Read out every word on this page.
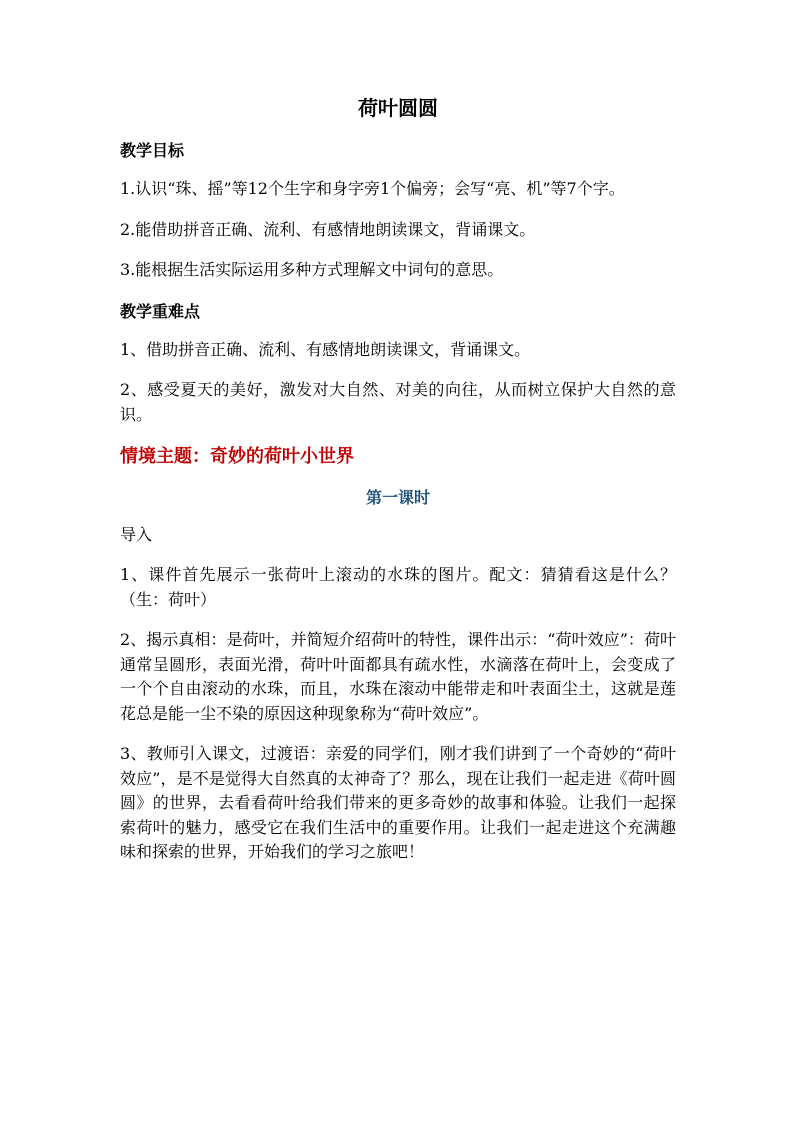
荷叶圆圆
教学目标
1.认识“珠、摇”等12个生字和身字旁1个偏旁；会写“亮、机”等7个字。
2.能借助拼音正确、流利、有感情地朗读课文，背诵课文。
3.能根据生活实际运用多种方式理解文中词句的意思。
教学重难点
1、借助拼音正确、流利、有感情地朗读课文，背诵课文。
2、感受夏天的美好，激发对大自然、对美的向往，从而树立保护大自然的意识。
情境主题：奇妙的荷叶小世界
第一课时
导入
1、课件首先展示一张荷叶上滚动的水珠的图片。配文：猜猜看这是什么？（生：荷叶）
2、揭示真相：是荷叶，并简短介绍荷叶的特性，课件出示：“荷叶效应”：荷叶通常呈圆形，表面光滑，荷叶叶面都具有疏水性，水滴落在荷叶上，会变成了一个个自由滚动的水珠，而且，水珠在滚动中能带走和叶表面尘土，这就是莲花总是能一尘不染的原因这种现象称为“荷叶效应”。
3、教师引入课文，过渡语：亲爱的同学们，刚才我们讲到了一个奇妙的“荷叶效应”，是不是觉得大自然真的太神奇了？那么，现在让我们一起走进《荷叶圆圆》的世界，去看看荷叶给我们带来的更多奇妙的故事和体验。让我们一起探索荷叶的魅力，感受它在我们生活中的重要作用。让我们一起走进这个充满趣味和探索的世界，开始我们的学习之旅吧！
